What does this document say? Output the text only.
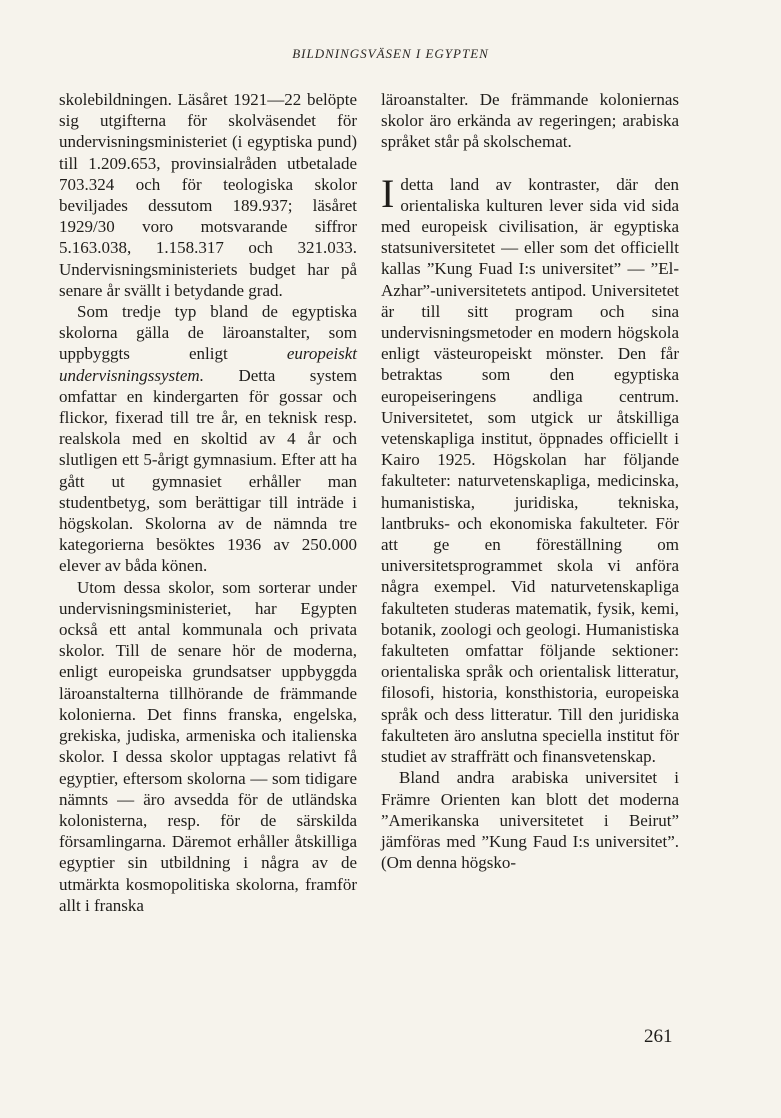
BILDNINGSVÄSEN I EGYPTEN

skolebildningen. Läsåret 1921—22 belöpte sig utgifterna för skolväsendet för undervisningsministeriet (i egyptiska pund) till 1.209.653, provinsialråden utbetalade 703.324 och för teologiska skolor beviljades dessutom 189.937; läsåret 1929/30 voro motsvarande siffror 5.163.038, 1.158.317 och 321.033. Undervisningsministeriets budget har på senare år svällt i betydande grad.

Som tredje typ bland de egyptiska skolorna gälla de läroanstalter, som uppbyggts enligt europeiskt undervisningssystem. Detta system omfattar en kindergarten för gossar och flickor, fixerad till tre år, en teknisk resp. realskola med en skoltid av 4 år och slutligen ett 5-årigt gymnasium. Efter att ha gått ut gymnasiet erhåller man studentbetyg, som berättigar till inträde i högskolan. Skolorna av de nämnda tre kategorierna besöktes 1936 av 250.000 elever av båda könen.

Utom dessa skolor, som sorterar under undervisningsministeriet, har Egypten också ett antal kommunala och privata skolor. Till de senare hör de moderna, enligt europeiska grundsatser uppbyggda läroanstalterna tillhörande de främmande kolonierna. Det finns franska, engelska, grekiska, judiska, armeniska och italienska skolor. I dessa skolor upptagas relativt få egyptier, eftersom skolorna — som tidigare nämnts — äro avsedda för de utländska kolonisterna, resp. för de särskilda församlingarna. Däremot erhåller åtskilliga egyptier sin utbildning i några av de utmärkta kosmopolitiska skolorna, framför allt i franska

läroanstalter. De främmande koloniernas skolor äro erkända av regeringen; arabiska språket står på skolschemat.

Idetta land av kontraster, där den orientaliska kulturen lever sida vid sida med europeisk civilisation, är egyptiska statsuniversitetet — eller som det officiellt kallas ”Kung Fuad I:s universitet” — ”El-Azhar”-universitetets antipod. Universitetet är till sitt program och sina undervisningsmetoder en modern högskola enligt västeuropeiskt mönster. Den får betraktas som den egyptiska europeiseringens andliga centrum. Universitetet, som utgick ur åtskilliga vetenskapliga institut, öppnades officiellt i Kairo 1925. Högskolan har följande fakulteter: naturvetenskapliga, medicinska, humanistiska, juridiska, tekniska, lantbruks- och ekonomiska fakulteter. För att ge en föreställning om universitetsprogrammet skola vi anföra några exempel. Vid naturvetenskapliga fakulteten studeras matematik, fysik, kemi, botanik, zoologi och geologi. Humanistiska fakulteten omfattar följande sektioner: orientaliska språk och orientalisk litteratur, filosofi, historia, konsthistoria, europeiska språk och dess litteratur. Till den juridiska fakulteten äro anslutna speciella institut för studiet av straffrätt och finansvetenskap.

Bland andra arabiska universitet i Främre Orienten kan blott det moderna ”Amerikanska universitetet i Beirut” jämföras med ”Kung Faud I:s universitet”. (Om denna högsko-

261
